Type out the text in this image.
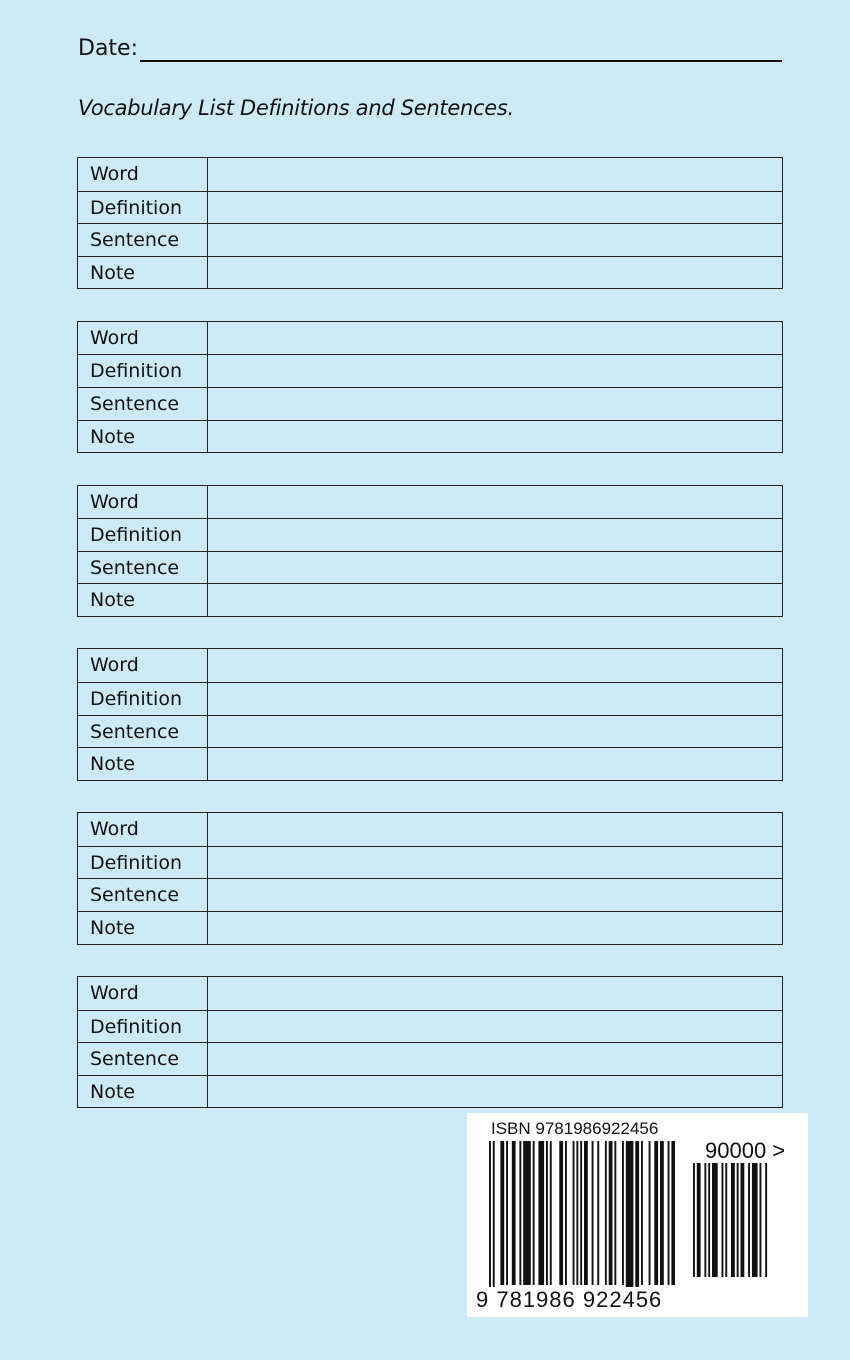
Date:
Vocabulary List Definitions and Sentences.
Word
Definition
Sentence
Note
Word
Definition
Sentence
Note
Word
Definition
Sentence
Note
Word
Definition
Sentence
Note
Word
Definition
Sentence
Note
Word
Definition
Sentence
Note
ISBN 9781986922456
90000 >
9 781986 922456
